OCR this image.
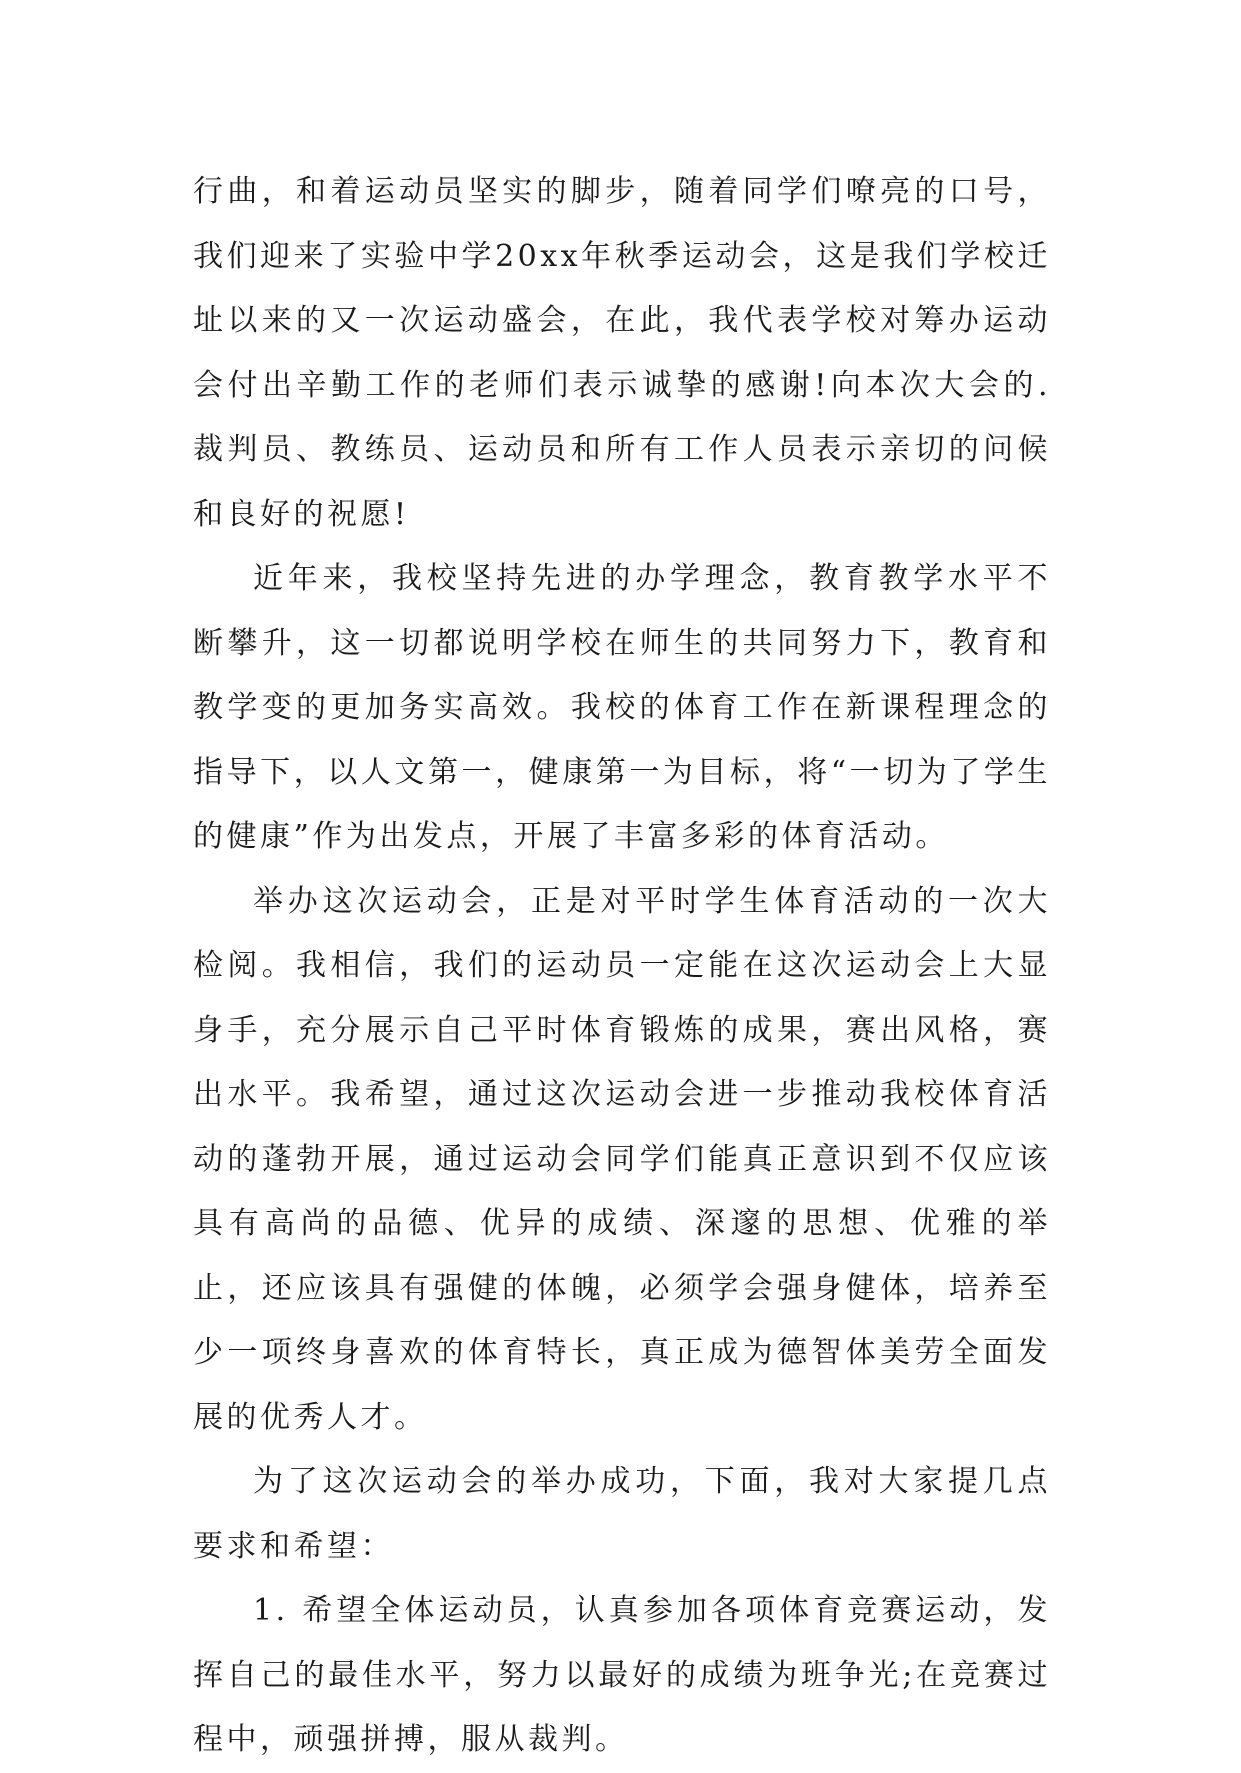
行曲，和着运动员坚实的脚步，随着同学们嘹亮的口号，我们迎来了实验中学20xx年秋季运动会，这是我们学校迁址以来的又一次运动盛会，在此，我代表学校对筹办运动会付出辛勤工作的老师们表示诚挚的感谢!向本次大会的.裁判员、教练员、运动员和所有工作人员表示亲切的问候和良好的祝愿!

近年来，我校坚持先进的办学理念，教育教学水平不断攀升，这一切都说明学校在师生的共同努力下，教育和教学变的更加务实高效。我校的体育工作在新课程理念的指导下，以人文第一，健康第一为目标，将“一切为了学生的健康”作为出发点，开展了丰富多彩的体育活动。

举办这次运动会，正是对平时学生体育活动的一次大检阅。我相信，我们的运动员一定能在这次运动会上大显身手，充分展示自己平时体育锻炼的成果，赛出风格，赛出水平。我希望，通过这次运动会进一步推动我校体育活动的蓬勃开展，通过运动会同学们能真正意识到不仅应该具有高尚的品德、优异的成绩、深邃的思想、优雅的举止，还应该具有强健的体魄，必须学会强身健体，培养至少一项终身喜欢的体育特长，真正成为德智体美劳全面发展的优秀人才。

为了这次运动会的举办成功，下面，我对大家提几点要求和希望：

1. 希望全体运动员，认真参加各项体育竞赛运动，发挥自己的最佳水平，努力以最好的成绩为班争光;在竞赛过程中，顽强拼搏，服从裁判。
